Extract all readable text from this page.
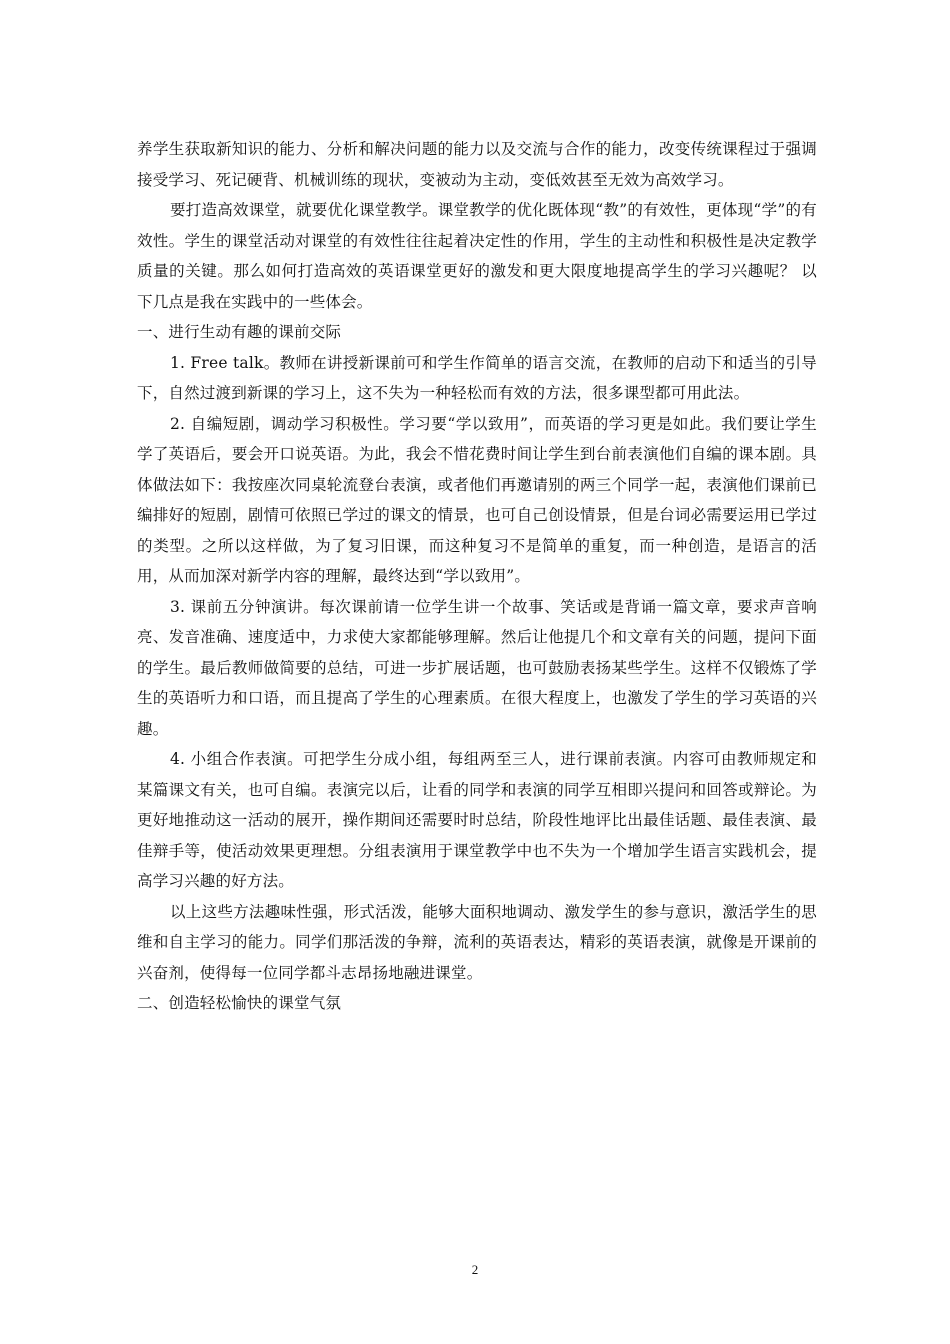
养学生获取新知识的能力、分析和解决问题的能力以及交流与合作的能力，改变传统课程过于强调接受学习、死记硬背、机械训练的现状，变被动为主动，变低效甚至无效为高效学习。

要打造高效课堂，就要优化课堂教学。课堂教学的优化既体现“教”的有效性，更体现“学”的有效性。学生的课堂活动对课堂的有效性往往起着决定性的作用，学生的主动性和积极性是决定教学质量的关键。那么如何打造高效的英语课堂更好的激发和更大限度地提高学生的学习兴趣呢？ 以下几点是我在实践中的一些体会。

一、进行生动有趣的课前交际

1. Free talk。教师在讲授新课前可和学生作简单的语言交流，在教师的启动下和适当的引导下，自然过渡到新课的学习上，这不失为一种轻松而有效的方法，很多课型都可用此法。

2. 自编短剧，调动学习积极性。学习要“学以致用”，而英语的学习更是如此。我们要让学生学了英语后，要会开口说英语。为此，我会不惜花费时间让学生到台前表演他们自编的课本剧。具体做法如下：我按座次同桌轮流登台表演，或者他们再邀请别的两三个同学一起，表演他们课前已编排好的短剧，剧情可依照已学过的课文的情景，也可自己创设情景，但是台词必需要运用已学过的类型。之所以这样做，为了复习旧课，而这种复习不是简单的重复，而一种创造，是语言的活用，从而加深对新学内容的理解，最终达到“学以致用”。

3. 课前五分钟演讲。每次课前请一位学生讲一个故事、笑话或是背诵一篇文章，要求声音响亮、发音准确、速度适中，力求使大家都能够理解。然后让他提几个和文章有关的问题，提问下面的学生。最后教师做简要的总结，可进一步扩展话题，也可鼓励表扬某些学生。这样不仅锻炼了学生的英语听力和口语，而且提高了学生的心理素质。在很大程度上，也激发了学生的学习英语的兴趣。

4. 小组合作表演。可把学生分成小组，每组两至三人，进行课前表演。内容可由教师规定和某篇课文有关，也可自编。表演完以后，让看的同学和表演的同学互相即兴提问和回答或辩论。为更好地推动这一活动的展开，操作期间还需要时时总结，阶段性地评比出最佳话题、最佳表演、最佳辩手等，使活动效果更理想。分组表演用于课堂教学中也不失为一个增加学生语言实践机会，提高学习兴趣的好方法。

以上这些方法趣味性强，形式活泼，能够大面积地调动、激发学生的参与意识，激活学生的思维和自主学习的能力。同学们那活泼的争辩，流利的英语表达，精彩的英语表演，就像是开课前的兴奋剂，使得每一位同学都斗志昂扬地融进课堂。

二、创造轻松愉快的课堂气氛

2
